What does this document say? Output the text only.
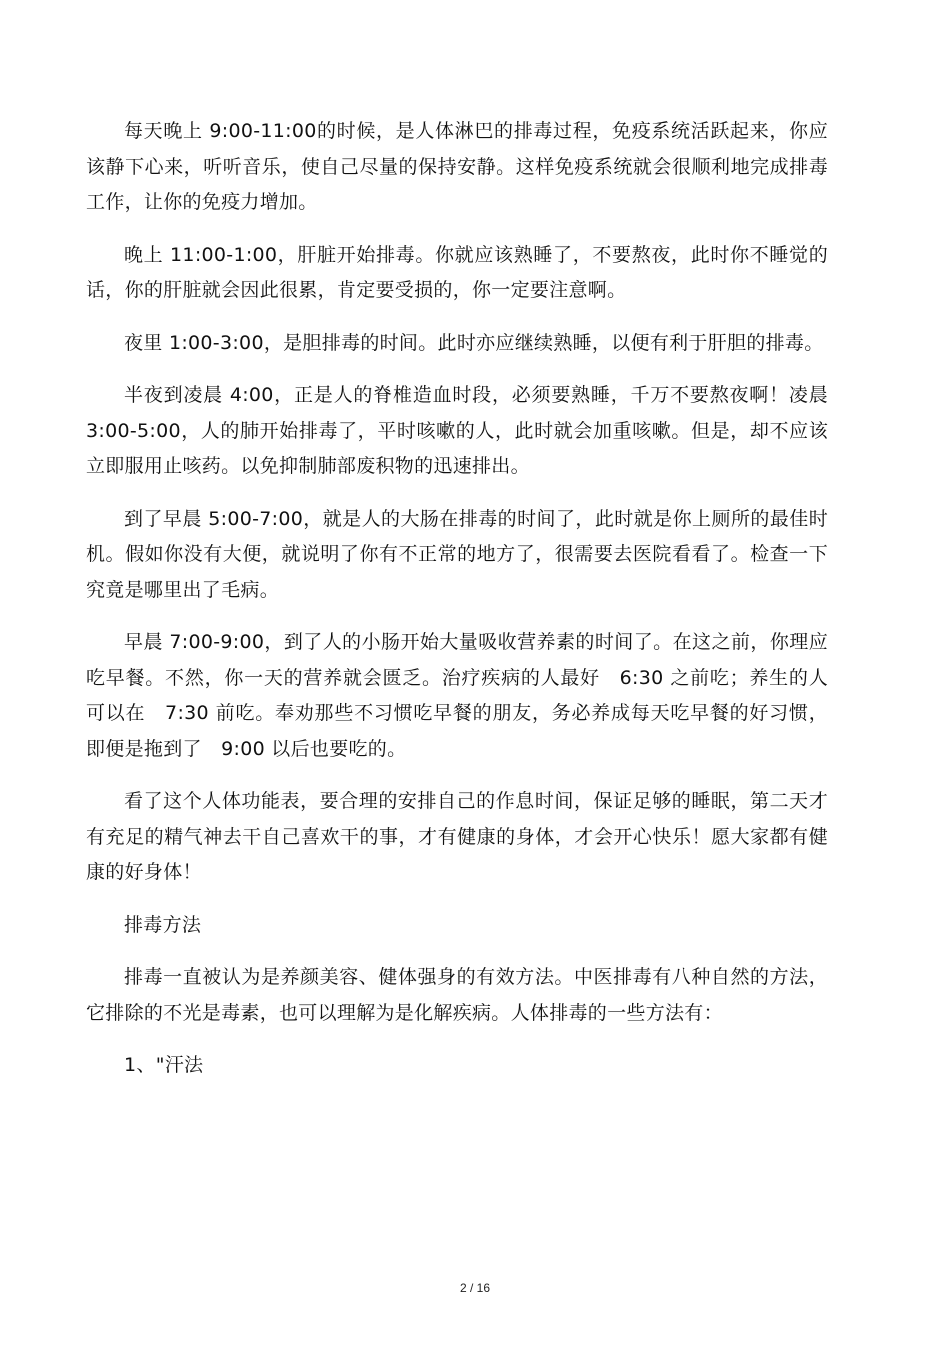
每天晚上 9:00-11:00的时候，是人体淋巴的排毒过程，免疫系统活跃起来，你应该静下心来，听听音乐，使自己尽量的保持安静。这样免疫系统就会很顺利地完成排毒工作，让你的免疫力增加。

晚上 11:00-1:00，肝脏开始排毒。你就应该熟睡了，不要熬夜，此时你不睡觉的话，你的肝脏就会因此很累，肯定要受损的，你一定要注意啊。

夜里 1:00-3:00，是胆排毒的时间。此时亦应继续熟睡，以便有利于肝胆的排毒。

半夜到凌晨 4:00，正是人的脊椎造血时段，必须要熟睡，千万不要熬夜啊！凌晨 3:00-5:00，人的肺开始排毒了，平时咳嗽的人，此时就会加重咳嗽。但是，却不应该立即服用止咳药。以免抑制肺部废积物的迅速排出。

到了早晨 5:00-7:00，就是人的大肠在排毒的时间了，此时就是你上厕所的最佳时机。假如你没有大便，就说明了你有不正常的地方了，很需要去医院看看了。检查一下究竟是哪里出了毛病。

早晨 7:00-9:00，到了人的小肠开始大量吸收营养素的时间了。在这之前，你理应吃早餐。不然，你一天的营养就会匮乏。治疗疾病的人最好　6:30 之前吃；养生的人可以在　7:30 前吃。奉劝那些不习惯吃早餐的朋友，务必养成每天吃早餐的好习惯，即便是拖到了　9:00 以后也要吃的。

看了这个人体功能表，要合理的安排自己的作息时间，保证足够的睡眠，第二天才有充足的精气神去干自己喜欢干的事，才有健康的身体，才会开心快乐！愿大家都有健康的好身体！

排毒方法

排毒一直被认为是养颜美容、健体强身的有效方法。中医排毒有八种自然的方法，它排除的不光是毒素，也可以理解为是化解疾病。人体排毒的一些方法有：

1、"汗法

2 / 16
